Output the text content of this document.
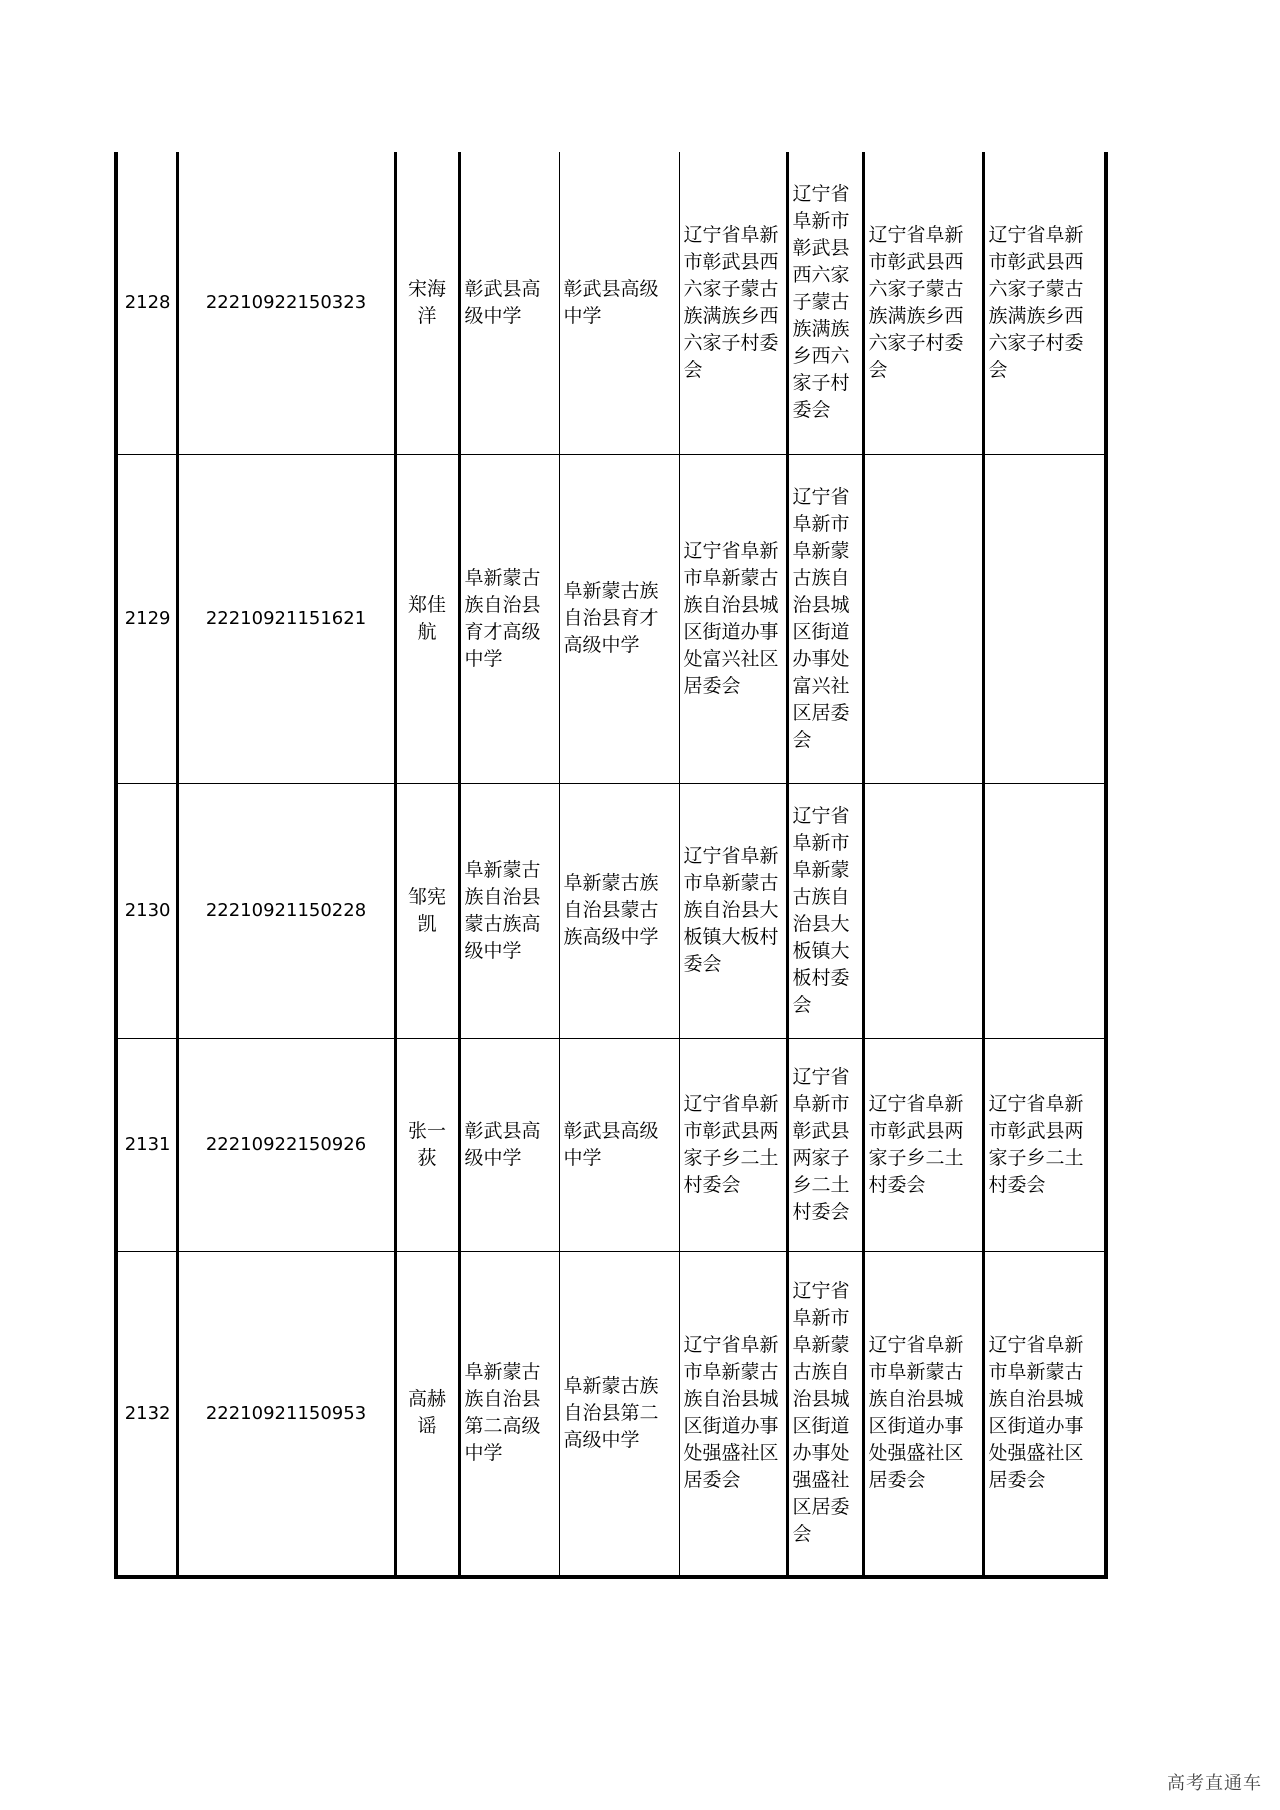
2128	22210922150323	宋海洋	彰武县高级中学	彰武县高级中学	辽宁省阜新市彰武县西六家子蒙古族满族乡西六家子村委会	辽宁省阜新市彰武县西六家子蒙古族满族乡西六家子村委会	辽宁省阜新市彰武县西六家子蒙古族满族乡西六家子村委会	辽宁省阜新市彰武县西六家子蒙古族满族乡西六家子村委会
2129	22210921151621	郑佳航	阜新蒙古族自治县育才高级中学	阜新蒙古族自治县育才高级中学	辽宁省阜新市阜新蒙古族自治县城区街道办事处富兴社区居委会	辽宁省阜新市阜新蒙古族自治县城区街道办事处富兴社区居委会		
2130	22210921150228	邹宪凯	阜新蒙古族自治县蒙古族高级中学	阜新蒙古族自治县蒙古族高级中学	辽宁省阜新市阜新蒙古族自治县大板镇大板村委会	辽宁省阜新市阜新蒙古族自治县大板镇大板村委会		
2131	22210922150926	张一荻	彰武县高级中学	彰武县高级中学	辽宁省阜新市彰武县两家子乡二土村委会	辽宁省阜新市彰武县两家子乡二土村委会	辽宁省阜新市彰武县两家子乡二土村委会	辽宁省阜新市彰武县两家子乡二土村委会
2132	22210921150953	高赫谣	阜新蒙古族自治县第二高级中学	阜新蒙古族自治县第二高级中学	辽宁省阜新市阜新蒙古族自治县城区街道办事处强盛社区居委会	辽宁省阜新市阜新蒙古族自治县城区街道办事处强盛社区居委会	辽宁省阜新市阜新蒙古族自治县城区街道办事处强盛社区居委会	辽宁省阜新市阜新蒙古族自治县城区街道办事处强盛社区居委会
高考直通车
